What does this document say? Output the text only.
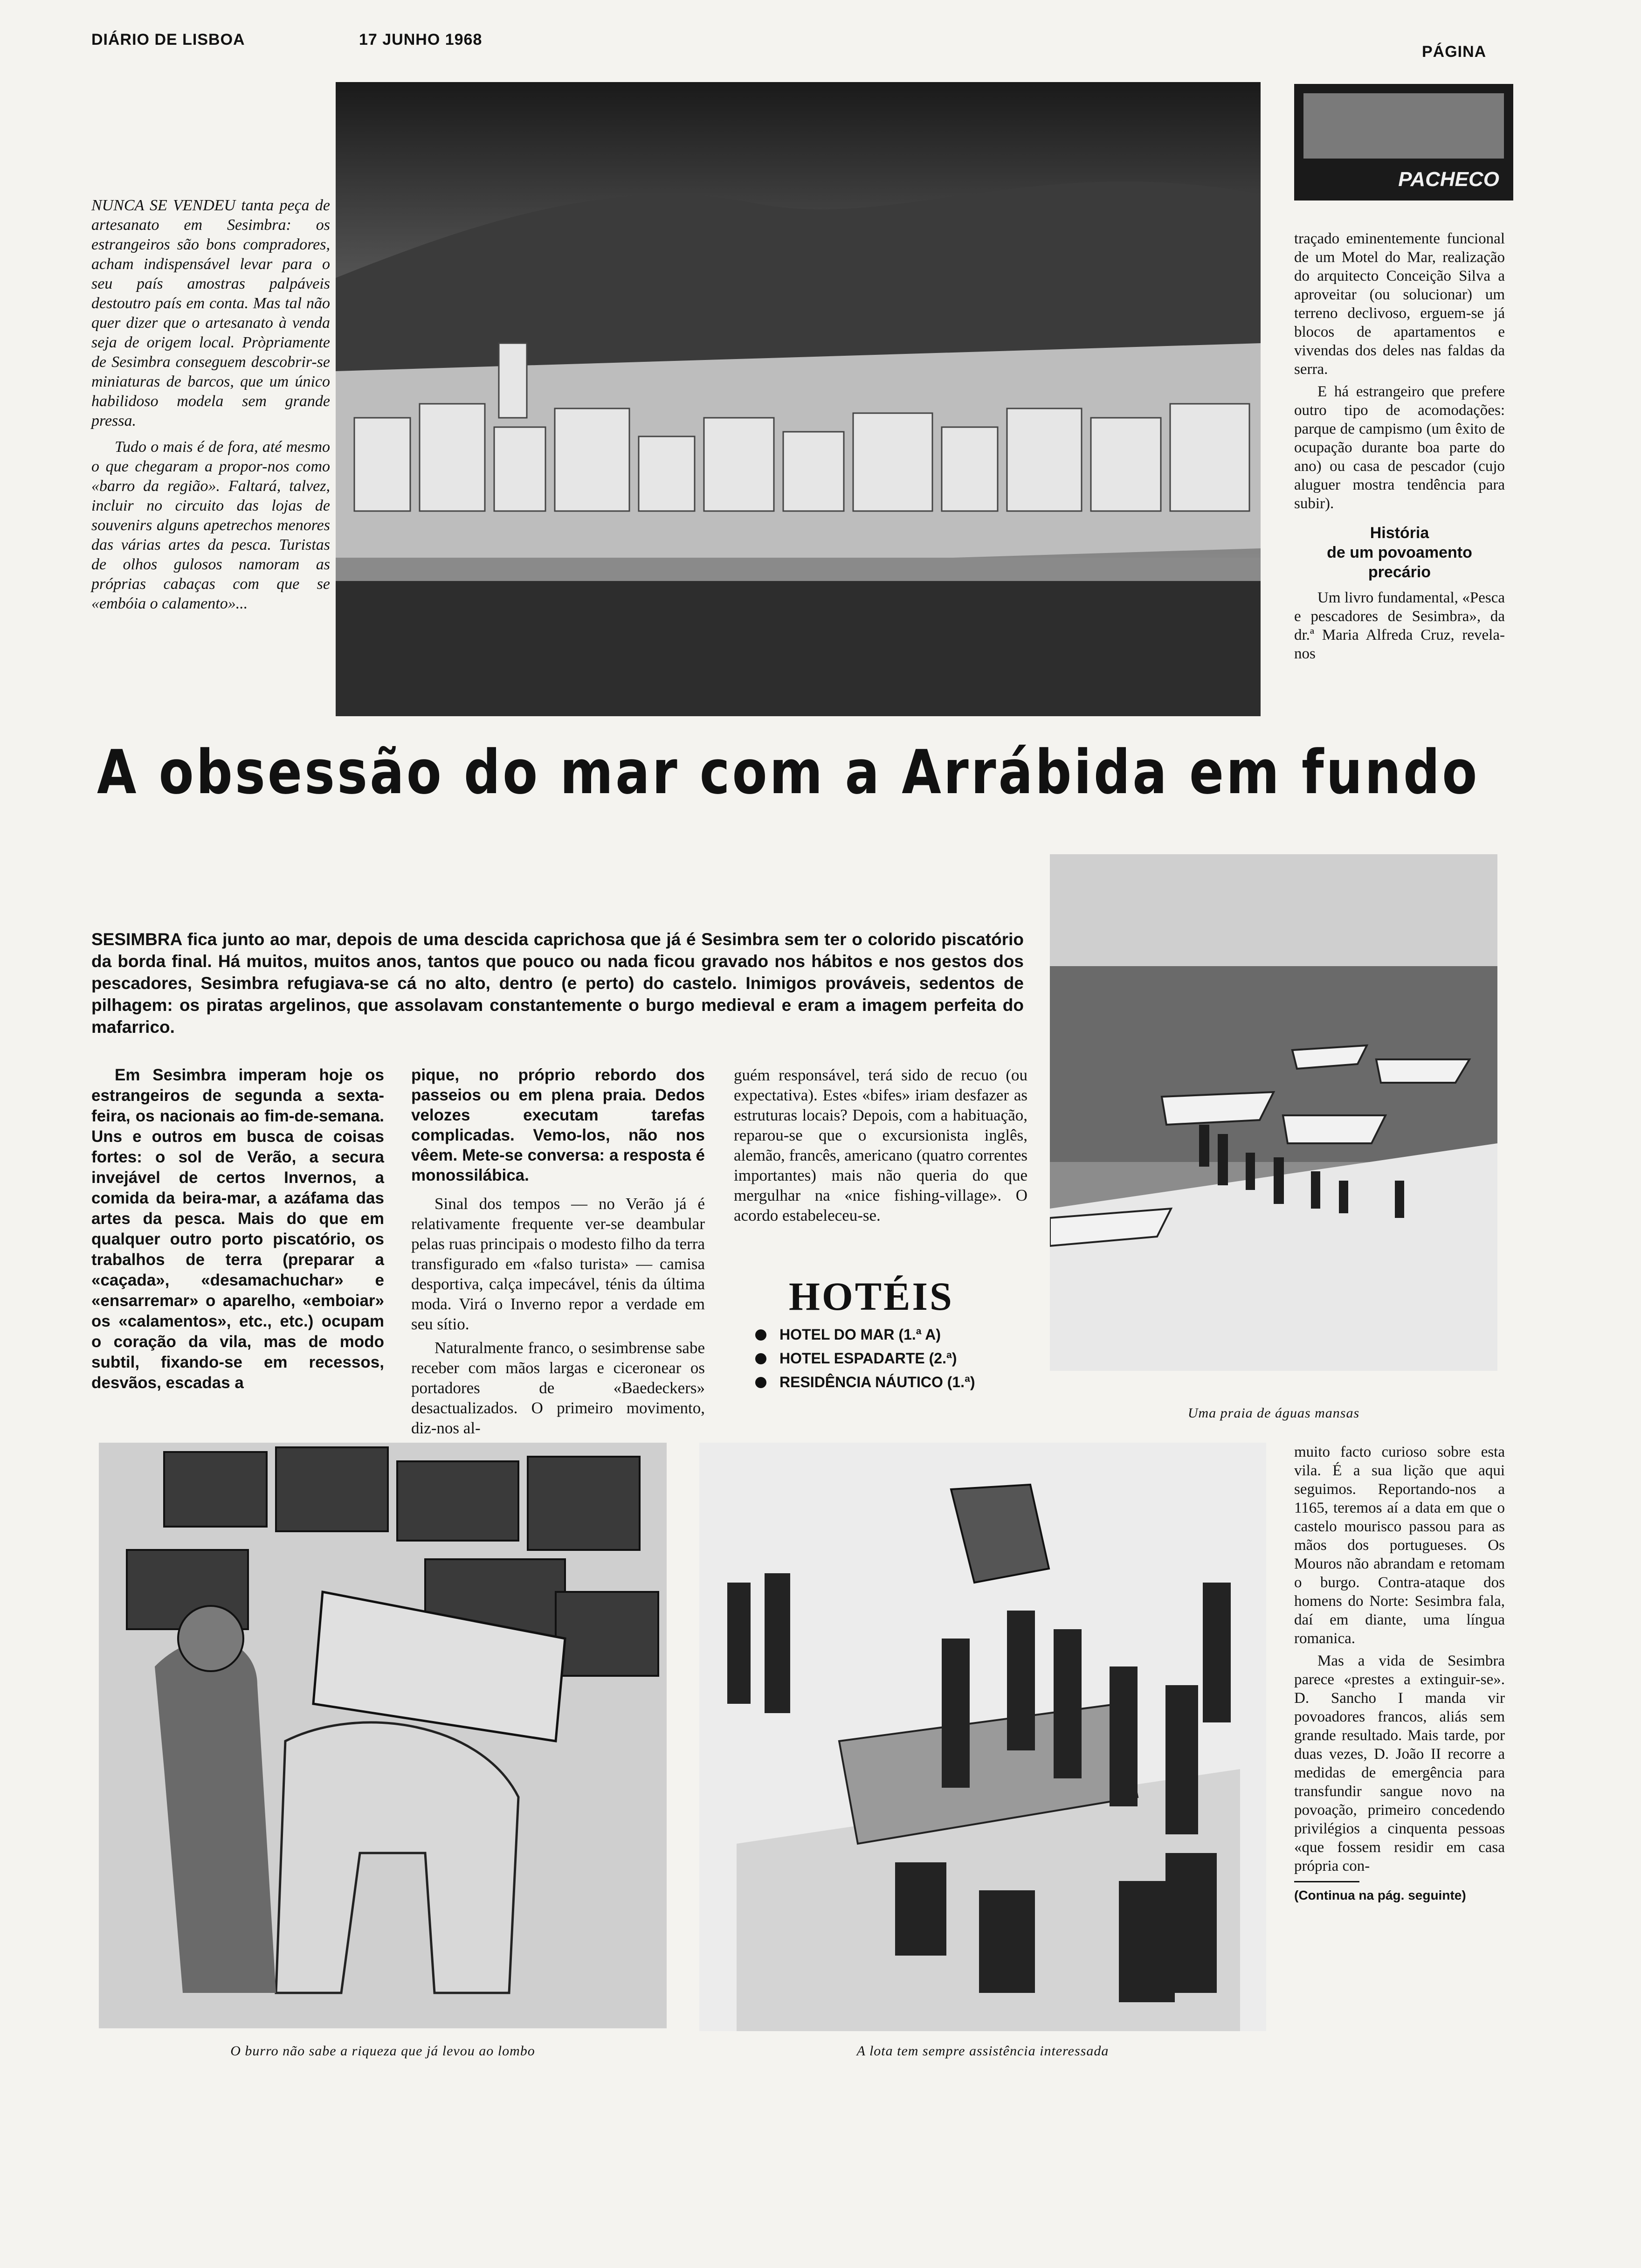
DIÁRIO DE LISBOA	17 JUNHO 1968
PÁGINA

NUNCA SE VENDEU tanta peça de artesanato em Sesimbra: os estrangeiros são bons compradores, acham indispensável levar para o seu país amostras palpáveis destoutro país em conta. Mas tal não quer dizer que o artesanato à venda seja de origem local. Pròpriamente de Sesimbra conseguem descobrir-se miniaturas de barcos, que um único habilidoso modela sem grande pressa.

Tudo o mais é de fora, até mesmo o que chegaram a propor-nos como «barro da região». Faltará, talvez, incluir no circuito das lojas de souvenirs alguns apetrechos menores das várias artes da pesca. Turistas de olhos gulosos namoram as próprias cabaças com que se «embóia o calamento»...

PACHECO

traçado eminentemente funcional de um Motel do Mar, realização do arquitecto Conceição Silva a aproveitar (ou solucionar) um terreno declivoso, erguem-se já blocos de apartamentos e vivendas dos deles nas faldas da serra.

E há estrangeiro que prefere outro tipo de acomodações: parque de campismo (um êxito de ocupação durante boa parte do ano) ou casa de pescador (cujo aluguer mostra tendência para subir).

História
de um povoamento
precário

Um livro fundamental, «Pesca e pescadores de Sesimbra», da dr.ª Maria Alfreda Cruz, revela-nos

A obsessão do mar com a Arrábida em fundo
SESIMBRA fica junto ao mar, depois de uma descida caprichosa que já é Sesimbra sem ter o colorido piscatório da borda final. Há muitos, muitos anos, tantos que pouco ou nada ficou gravado nos hábitos e nos gestos dos pescadores, Sesimbra refugiava-se cá no alto, dentro (e perto) do castelo. Inimigos prováveis, sedentos de pilhagem: os piratas argelinos, que assolavam constantemente o burgo medieval e eram a imagem perfeita do mafarrico.
Uma praia de águas mansas

Em Sesimbra imperam hoje os estrangeiros de segunda a sexta-feira, os nacionais ao fim-de-semana. Uns e outros em busca de coisas fortes: o sol de Verão, a secura invejável de certos Invernos, a comida da beira-mar, a azáfama das artes da pesca. Mais do que em qualquer outro porto piscatório, os trabalhos de terra (preparar a «caçada», «desamachuchar» e «ensarremar» o aparelho, «emboiar» os «calamentos», etc., etc.) ocupam o coração da vila, mas de modo subtil, fixando-se em recessos, desvãos, escadas a

pique, no próprio rebordo dos passeios ou em plena praia. Dedos velozes executam tarefas complicadas. Vemo-los, não nos vêem. Mete-se conversa: a resposta é monossilábica.

Sinal dos tempos — no Verão já é relativamente frequente ver-se deambular pelas ruas principais o modesto filho da terra transfigurado em «falso turista» — camisa desportiva, calça impecável, ténis da última moda. Virá o Inverno repor a verdade em seu sítio.

Naturalmente franco, o sesimbrense sabe receber com mãos largas e ciceronear os portadores de «Baedeckers» desactualizados. O primeiro movimento, diz-nos al-

guém responsável, terá sido de recuo (ou expectativa). Estes «bifes» iriam desfazer as estruturas locais? Depois, com a habituação, reparou-se que o excursionista inglês, alemão, francês, americano (quatro correntes importantes) mais não queria do que mergulhar na «nice fishing-village». O acordo estabeleceu-se.

HOTÉIS
HOTEL DO MAR (1.ª A)
HOTEL ESPADARTE (2.ª)
RESIDÊNCIA NÁUTICO (1.ª)
O burro não sabe a riqueza que já levou ao lombo	A lota tem sempre assistência interessada

muito facto curioso sobre esta vila. É a sua lição que aqui seguimos. Reportando-nos a 1165, teremos aí a data em que o castelo mourisco passou para as mãos dos portugueses. Os Mouros não abrandam e retomam o burgo. Contra-ataque dos homens do Norte: Sesimbra fala, daí em diante, uma língua romanica.

Mas a vida de Sesimbra parece «prestes a extinguir-se». D. Sancho I manda vir povoadores francos, aliás sem grande resultado. Mais tarde, por duas vezes, D. João II recorre a medidas de emergência para transfundir sangue novo na povoação, primeiro concedendo privilégios a cinquenta pessoas «que fossem residir em casa própria con-

(Continua na pág. seguinte)
